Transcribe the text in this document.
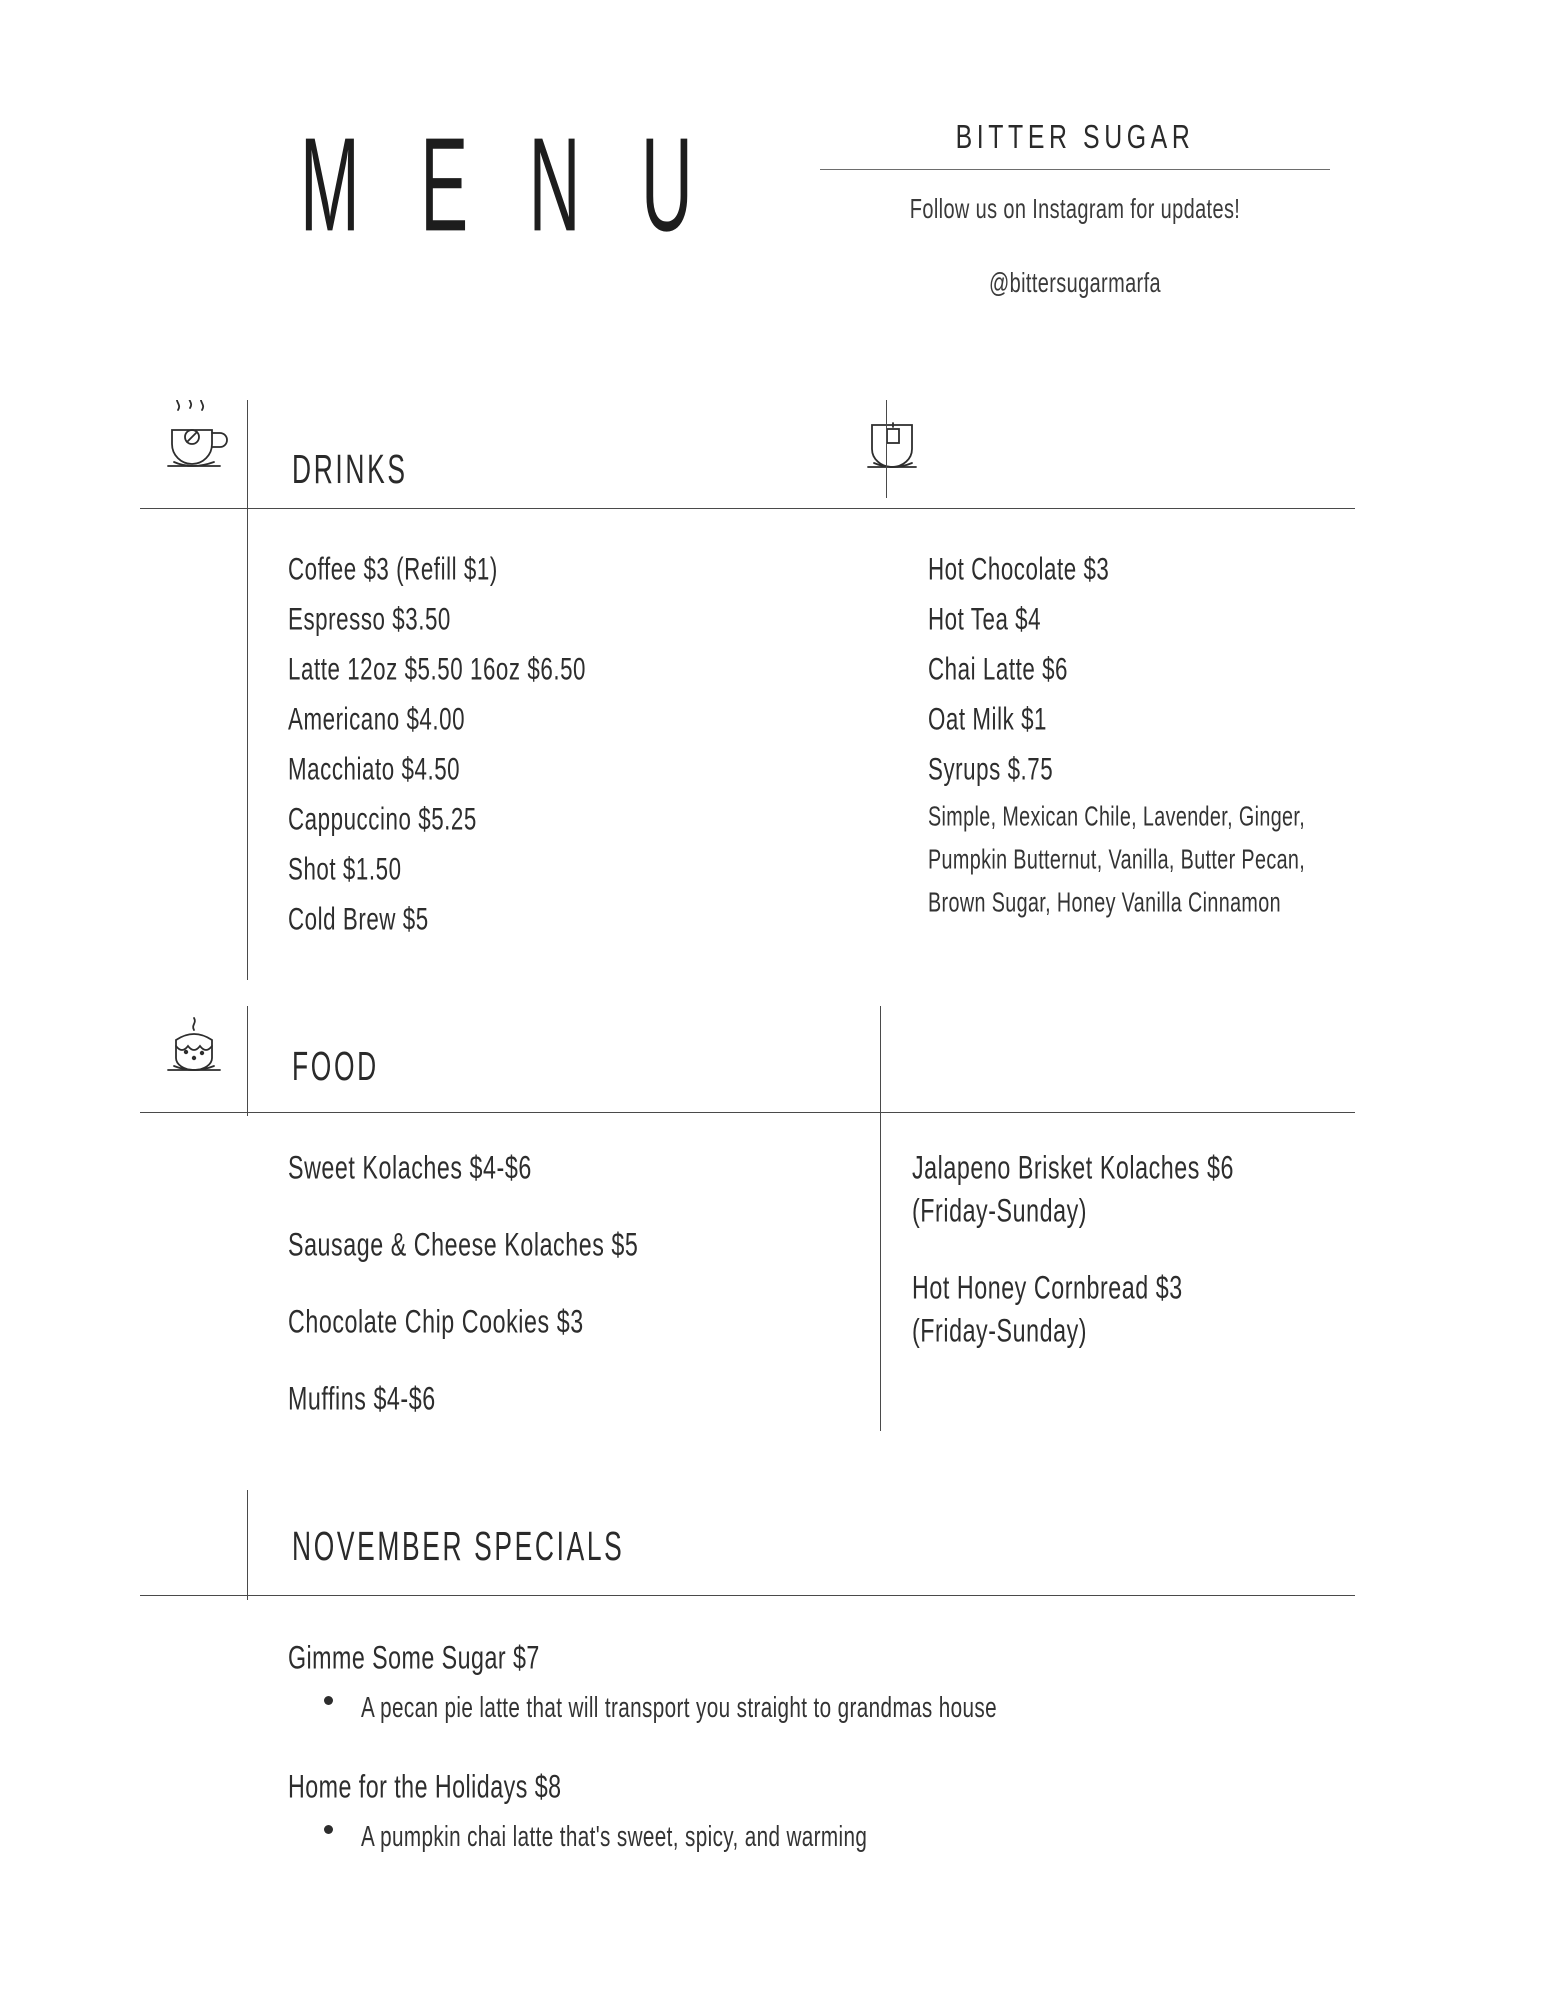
M E N U	BITTER SUGAR
Follow us on Instagram for updates!
@bittersugarmarfa
DRINKS
Coffee $3 (Refill $1)
Espresso $3.50
Latte 12oz $5.50 16oz $6.50
Americano $4.00
Macchiato $4.50
Cappuccino $5.25
Shot $1.50
Cold Brew $5
Hot Chocolate $3
Hot Tea $4
Chai Latte $6
Oat Milk $1
Syrups $.75
Simple, Mexican Chile, Lavender, Ginger,
Pumpkin Butternut, Vanilla, Butter Pecan,
Brown Sugar, Honey Vanilla Cinnamon
FOOD
Sweet Kolaches $4-$6
Sausage & Cheese Kolaches $5
Chocolate Chip Cookies $3
Muffins $4-$6
Jalapeno Brisket Kolaches $6
(Friday-Sunday)
Hot Honey Cornbread $3
(Friday-Sunday)
NOVEMBER SPECIALS
Gimme Some Sugar $7
A pecan pie latte that will transport you straight to grandmas house
Home for the Holidays $8
A pumpkin chai latte that's sweet, spicy, and warming
